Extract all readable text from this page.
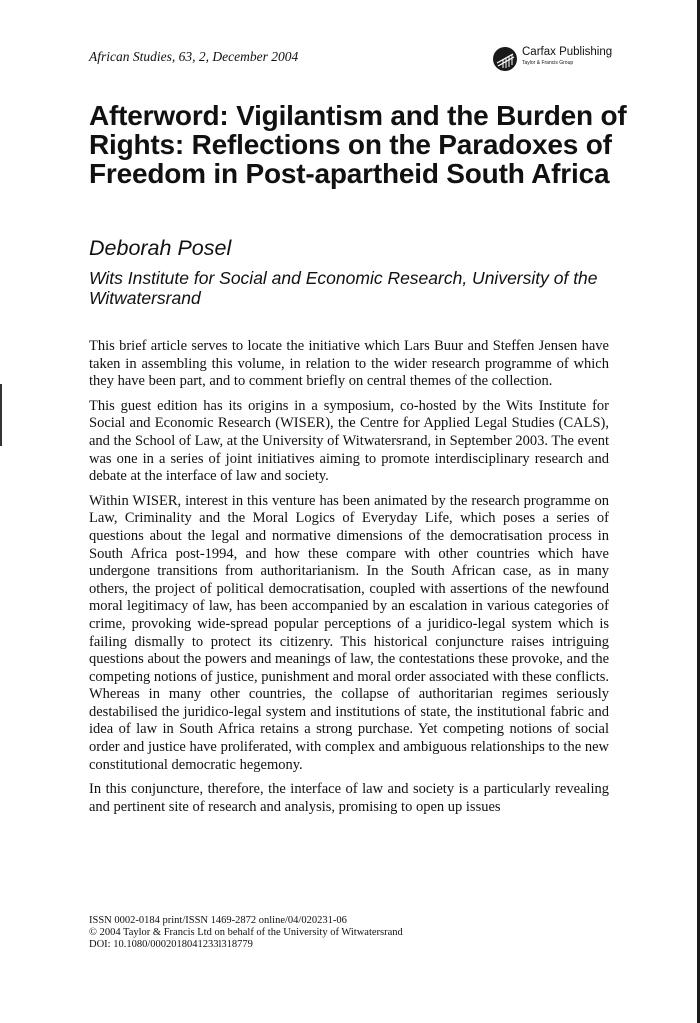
African Studies, 63, 2, December 2004	Carfax Publishing
Taylor & Francis Group
Afterword: Vigilantism and the Burden of Rights: Reflections on the Paradoxes of Freedom in Post-apartheid South Africa

Deborah Posel

Wits Institute for Social and Economic Research, University of the Witwatersrand

This brief article serves to locate the initiative which Lars Buur and Steffen Jensen have taken in assembling this volume, in relation to the wider research programme of which they have been part, and to comment briefly on central themes of the collection.

This guest edition has its origins in a symposium, co-hosted by the Wits Institute for Social and Economic Research (WISER), the Centre for Applied Legal Studies (CALS), and the School of Law, at the University of Witwatersrand, in September 2003. The event was one in a series of joint initiatives aiming to promote interdisciplinary research and debate at the interface of law and society.

Within WISER, interest in this venture has been animated by the research programme on Law, Criminality and the Moral Logics of Everyday Life, which poses a series of questions about the legal and normative dimensions of the democratisation process in South Africa post-1994, and how these compare with other countries which have undergone transitions from authoritarianism. In the South African case, as in many others, the project of political democratisation, coupled with assertions of the newfound moral legitimacy of law, has been accompanied by an escalation in various categories of crime, provoking wide-spread popular perceptions of a juridico-legal system which is failing dismally to protect its citizenry. This historical conjuncture raises intriguing questions about the powers and meanings of law, the contestations these provoke, and the competing notions of justice, punishment and moral order associated with these conflicts. Whereas in many other countries, the collapse of authoritarian regimes seriously destabilised the juridico-legal system and institutions of state, the institutional fabric and idea of law in South Africa retains a strong purchase. Yet competing notions of social order and justice have proliferated, with complex and ambiguous relationships to the new constitutional democratic hegemony.

In this conjuncture, therefore, the interface of law and society is a particularly revealing and pertinent site of research and analysis, promising to open up issues

ISSN 0002-0184 print/ISSN 1469-2872 online/04/020231-06
© 2004 Taylor & Francis Ltd on behalf of the University of Witwatersrand
DOI: 10.1080/0002018041233l318779
